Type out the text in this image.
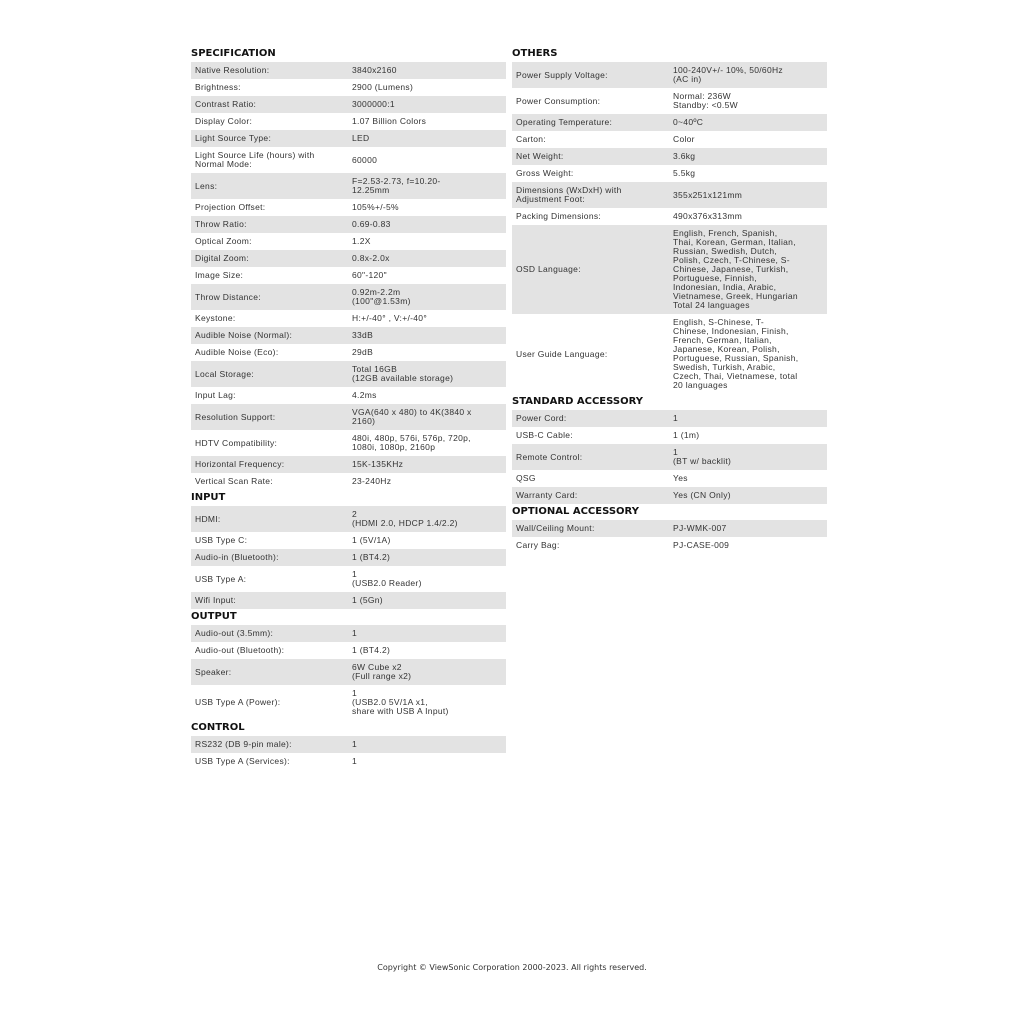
SPECIFICATION
Native Resolution:	3840x2160
Brightness:	2900 (Lumens)
Contrast Ratio:	3000000:1
Display Color:	1.07 Billion Colors
Light Source Type:	LED
Light Source Life (hours) with
Normal Mode:	60000
Lens:	F=2.53-2.73, f=10.20-
12.25mm
Projection Offset:	105%+/-5%
Throw Ratio:	0.69-0.83
Optical Zoom:	1.2X
Digital Zoom:	0.8x-2.0x
Image Size:	60"-120"
Throw Distance:	0.92m-2.2m
(100"@1.53m)
Keystone:	H:+/-40° , V:+/-40°
Audible Noise (Normal):	33dB
Audible Noise (Eco):	29dB
Local Storage:	Total 16GB
(12GB available storage)
Input Lag:	4.2ms
Resolution Support:	VGA(640 x 480) to 4K(3840 x
2160)
HDTV Compatibility:	480i, 480p, 576i, 576p, 720p,
1080i, 1080p, 2160p
Horizontal Frequency:	15K-135KHz
Vertical Scan Rate:	23-240Hz
INPUT
HDMI:	2
(HDMI 2.0, HDCP 1.4/2.2)
USB Type C:	1 (5V/1A)
Audio-in (Bluetooth):	1 (BT4.2)
USB Type A:	1
(USB2.0 Reader)
Wifi Input:	1 (5Gn)
OUTPUT
Audio-out (3.5mm):	1
Audio-out (Bluetooth):	1 (BT4.2)
Speaker:	6W Cube x2
(Full range x2)
USB Type A (Power):
1
(USB2.0 5V/1A x1,
share with USB A Input)
CONTROL
RS232 (DB 9-pin male):	1
USB Type A (Services):	1
OTHERS
Power Supply Voltage:	100-240V+/- 10%, 50/60Hz
(AC in)
Power Consumption:	Normal: 236W
Standby: <0.5W
Operating Temperature:	0~40ºC
Carton:	Color
Net Weight:	3.6kg
Gross Weight:	5.5kg
Dimensions (WxDxH) with
Adjustment Foot:	355x251x121mm
Packing Dimensions:	490x376x313mm
OSD Language:
English, French, Spanish,
Thai, Korean, German, Italian,
Russian, Swedish, Dutch,
Polish, Czech, T-Chinese, S-
Chinese, Japanese, Turkish,
Portuguese, Finnish,
Indonesian, India, Arabic,
Vietnamese, Greek, Hungarian
Total 24 languages
User Guide Language:
English, S-Chinese, T-
Chinese, Indonesian, Finish,
French, German, Italian,
Japanese, Korean, Polish,
Portuguese, Russian, Spanish,
Swedish, Turkish, Arabic,
Czech, Thai, Vietnamese, total
20 languages
STANDARD ACCESSORY
Power Cord:	1
USB-C Cable:	1 (1m)
Remote Control:	1
(BT w/ backlit)
QSG	Yes
Warranty Card:	Yes (CN Only)
OPTIONAL ACCESSORY
Wall/Ceiling Mount:	PJ-WMK-007
Carry Bag:	PJ-CASE-009
Copyright © ViewSonic Corporation 2000-2023. All rights reserved.
